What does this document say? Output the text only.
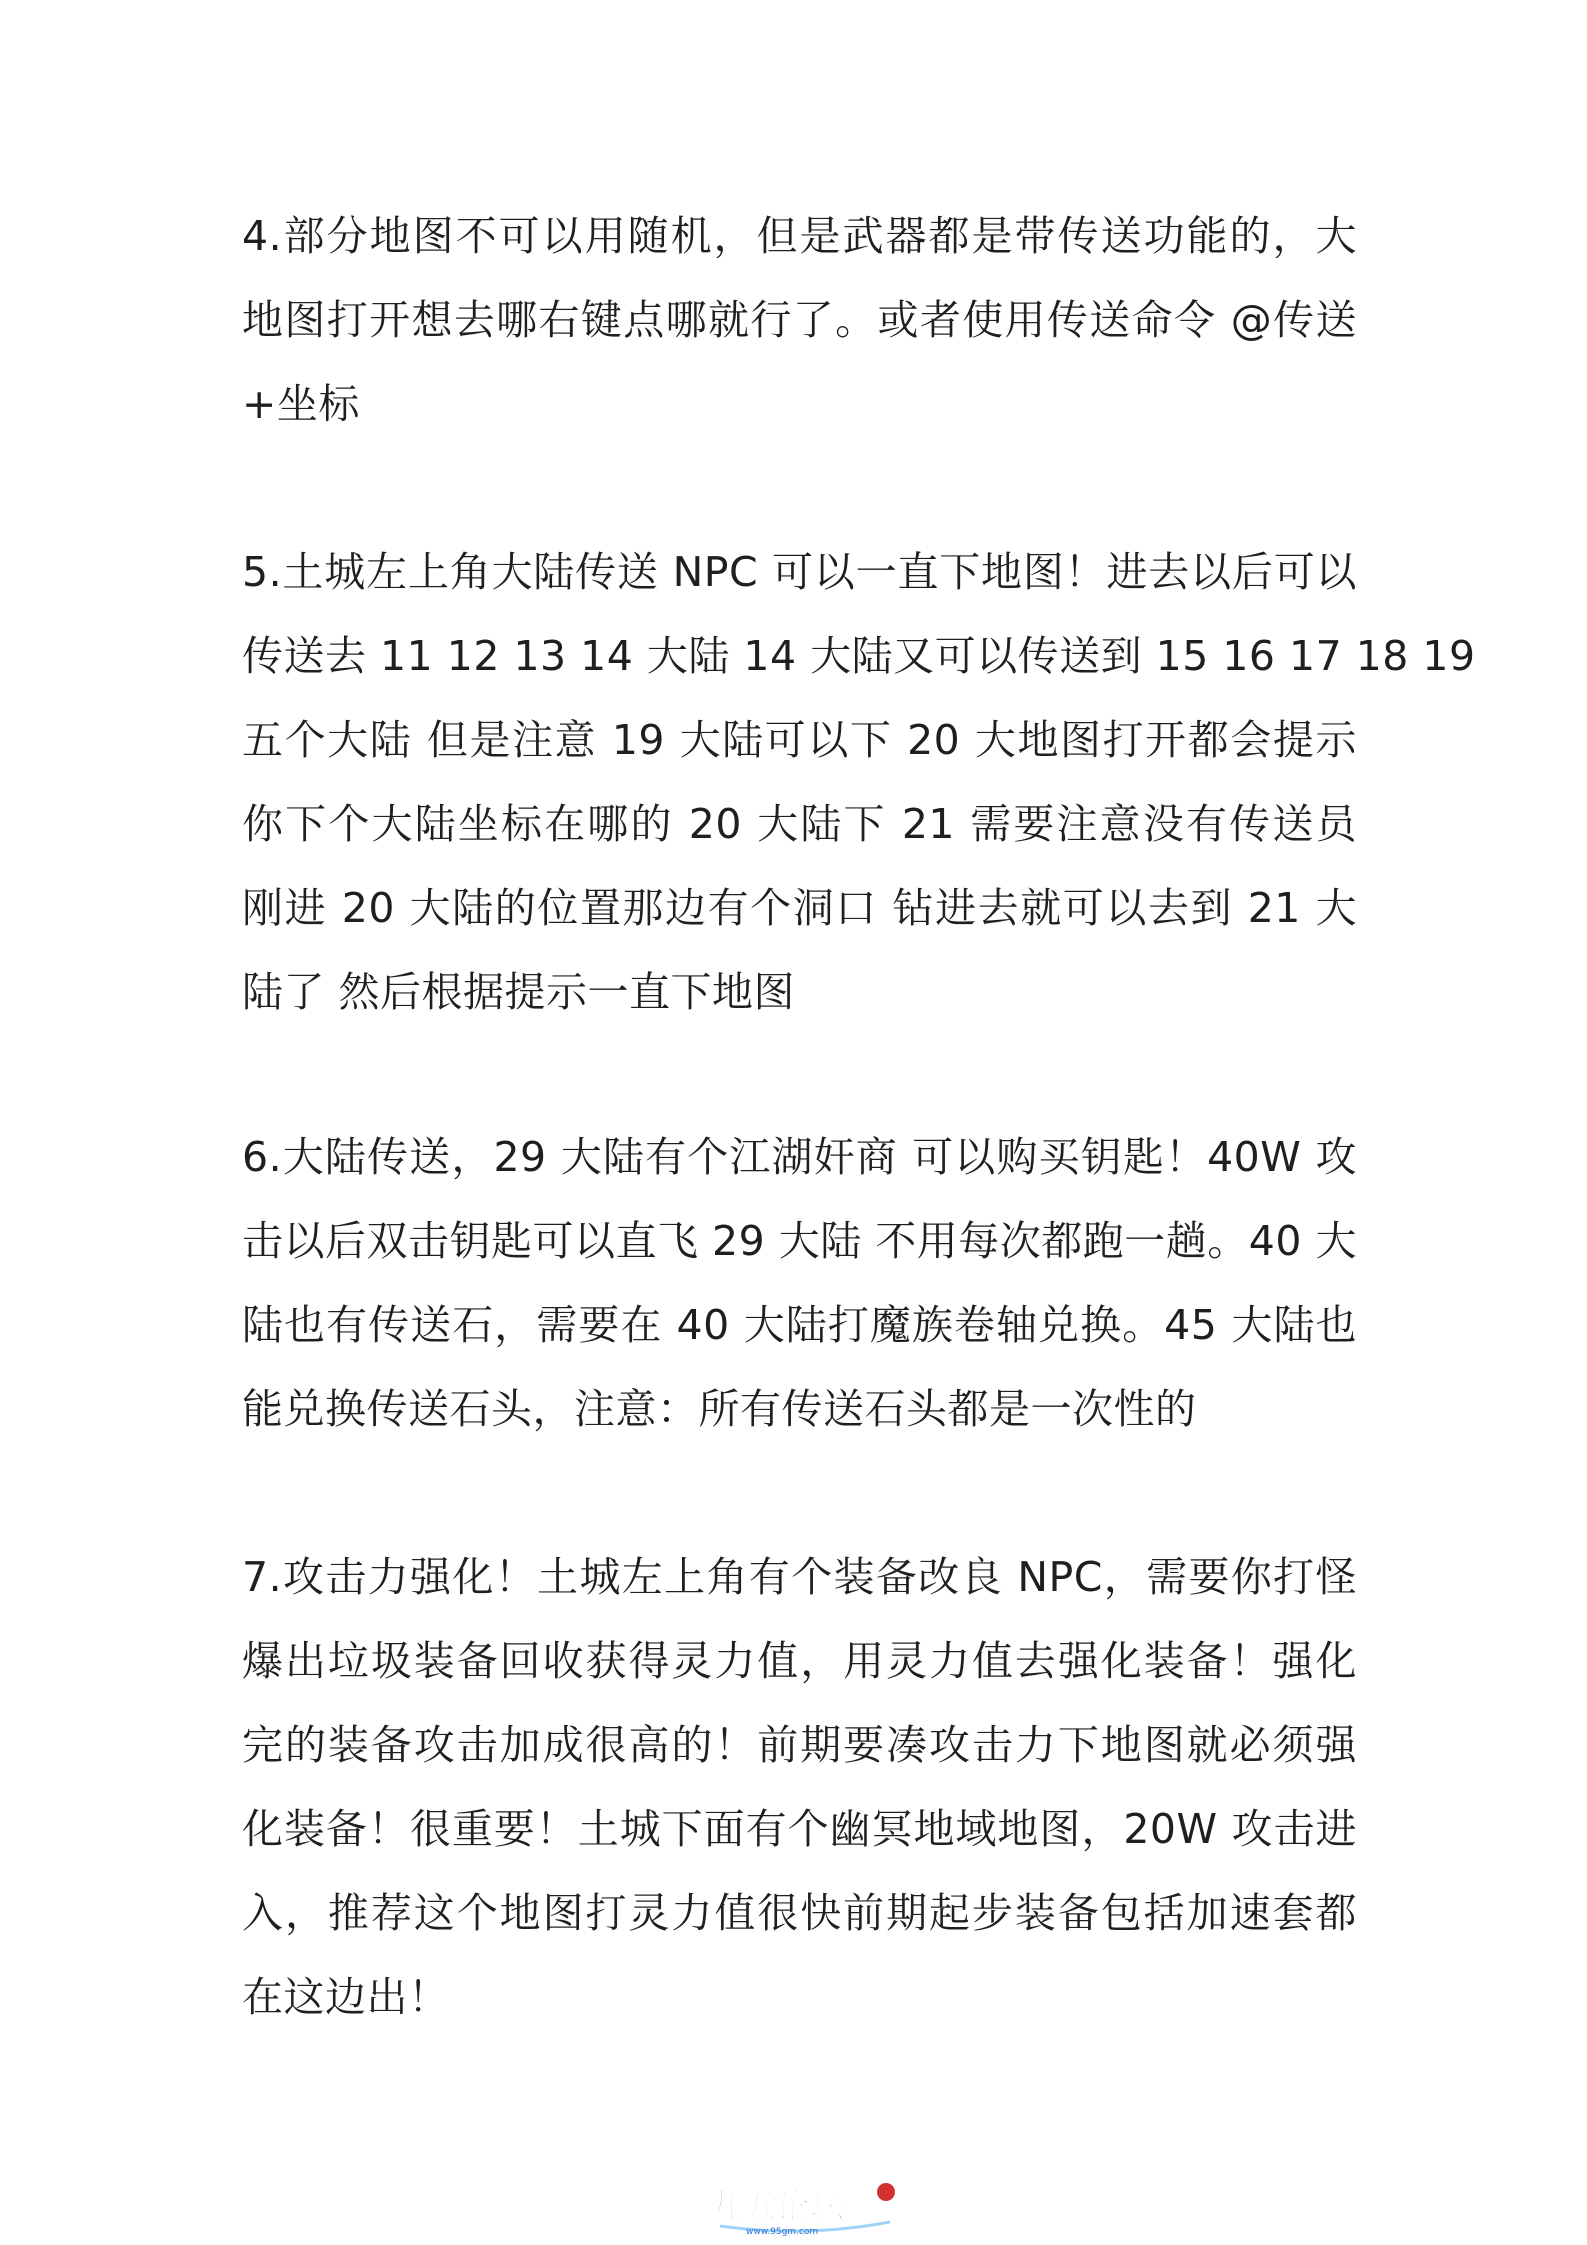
4.部分地图不可以用随机，但是武器都是带传送功能的，大
地图打开想去哪右键点哪就行了。或者使用传送命令 @传送
+坐标
5.土城左上角大陆传送 NPC 可以一直下地图！进去以后可以
传送去 11 12 13 14 大陆 14 大陆又可以传送到 15 16 17 18 19
五个大陆 但是注意 19 大陆可以下 20 大地图打开都会提示
你下个大陆坐标在哪的 20 大陆下 21 需要注意没有传送员
刚进 20 大陆的位置那边有个洞口 钻进去就可以去到 21 大
陆了 然后根据提示一直下地图
6.大陆传送，29 大陆有个江湖奸商 可以购买钥匙！40W 攻
击以后双击钥匙可以直飞 29 大陆 不用每次都跑一趟。40 大
陆也有传送石，需要在 40 大陆打魔族卷轴兑换。45 大陆也
能兑换传送石头，注意：所有传送石头都是一次性的
7.攻击力强化！土城左上角有个装备改良 NPC，需要你打怪
爆出垃圾装备回收获得灵力值，用灵力值去强化装备！强化
完的装备攻击加成很高的！前期要凑攻击力下地图就必须强
化装备！很重要！土城下面有个幽冥地域地图，20W 攻击进
入，推荐这个地图打灵力值很快前期起步装备包括加速套都
在这边出！
九五论坛
www.95gm.com
